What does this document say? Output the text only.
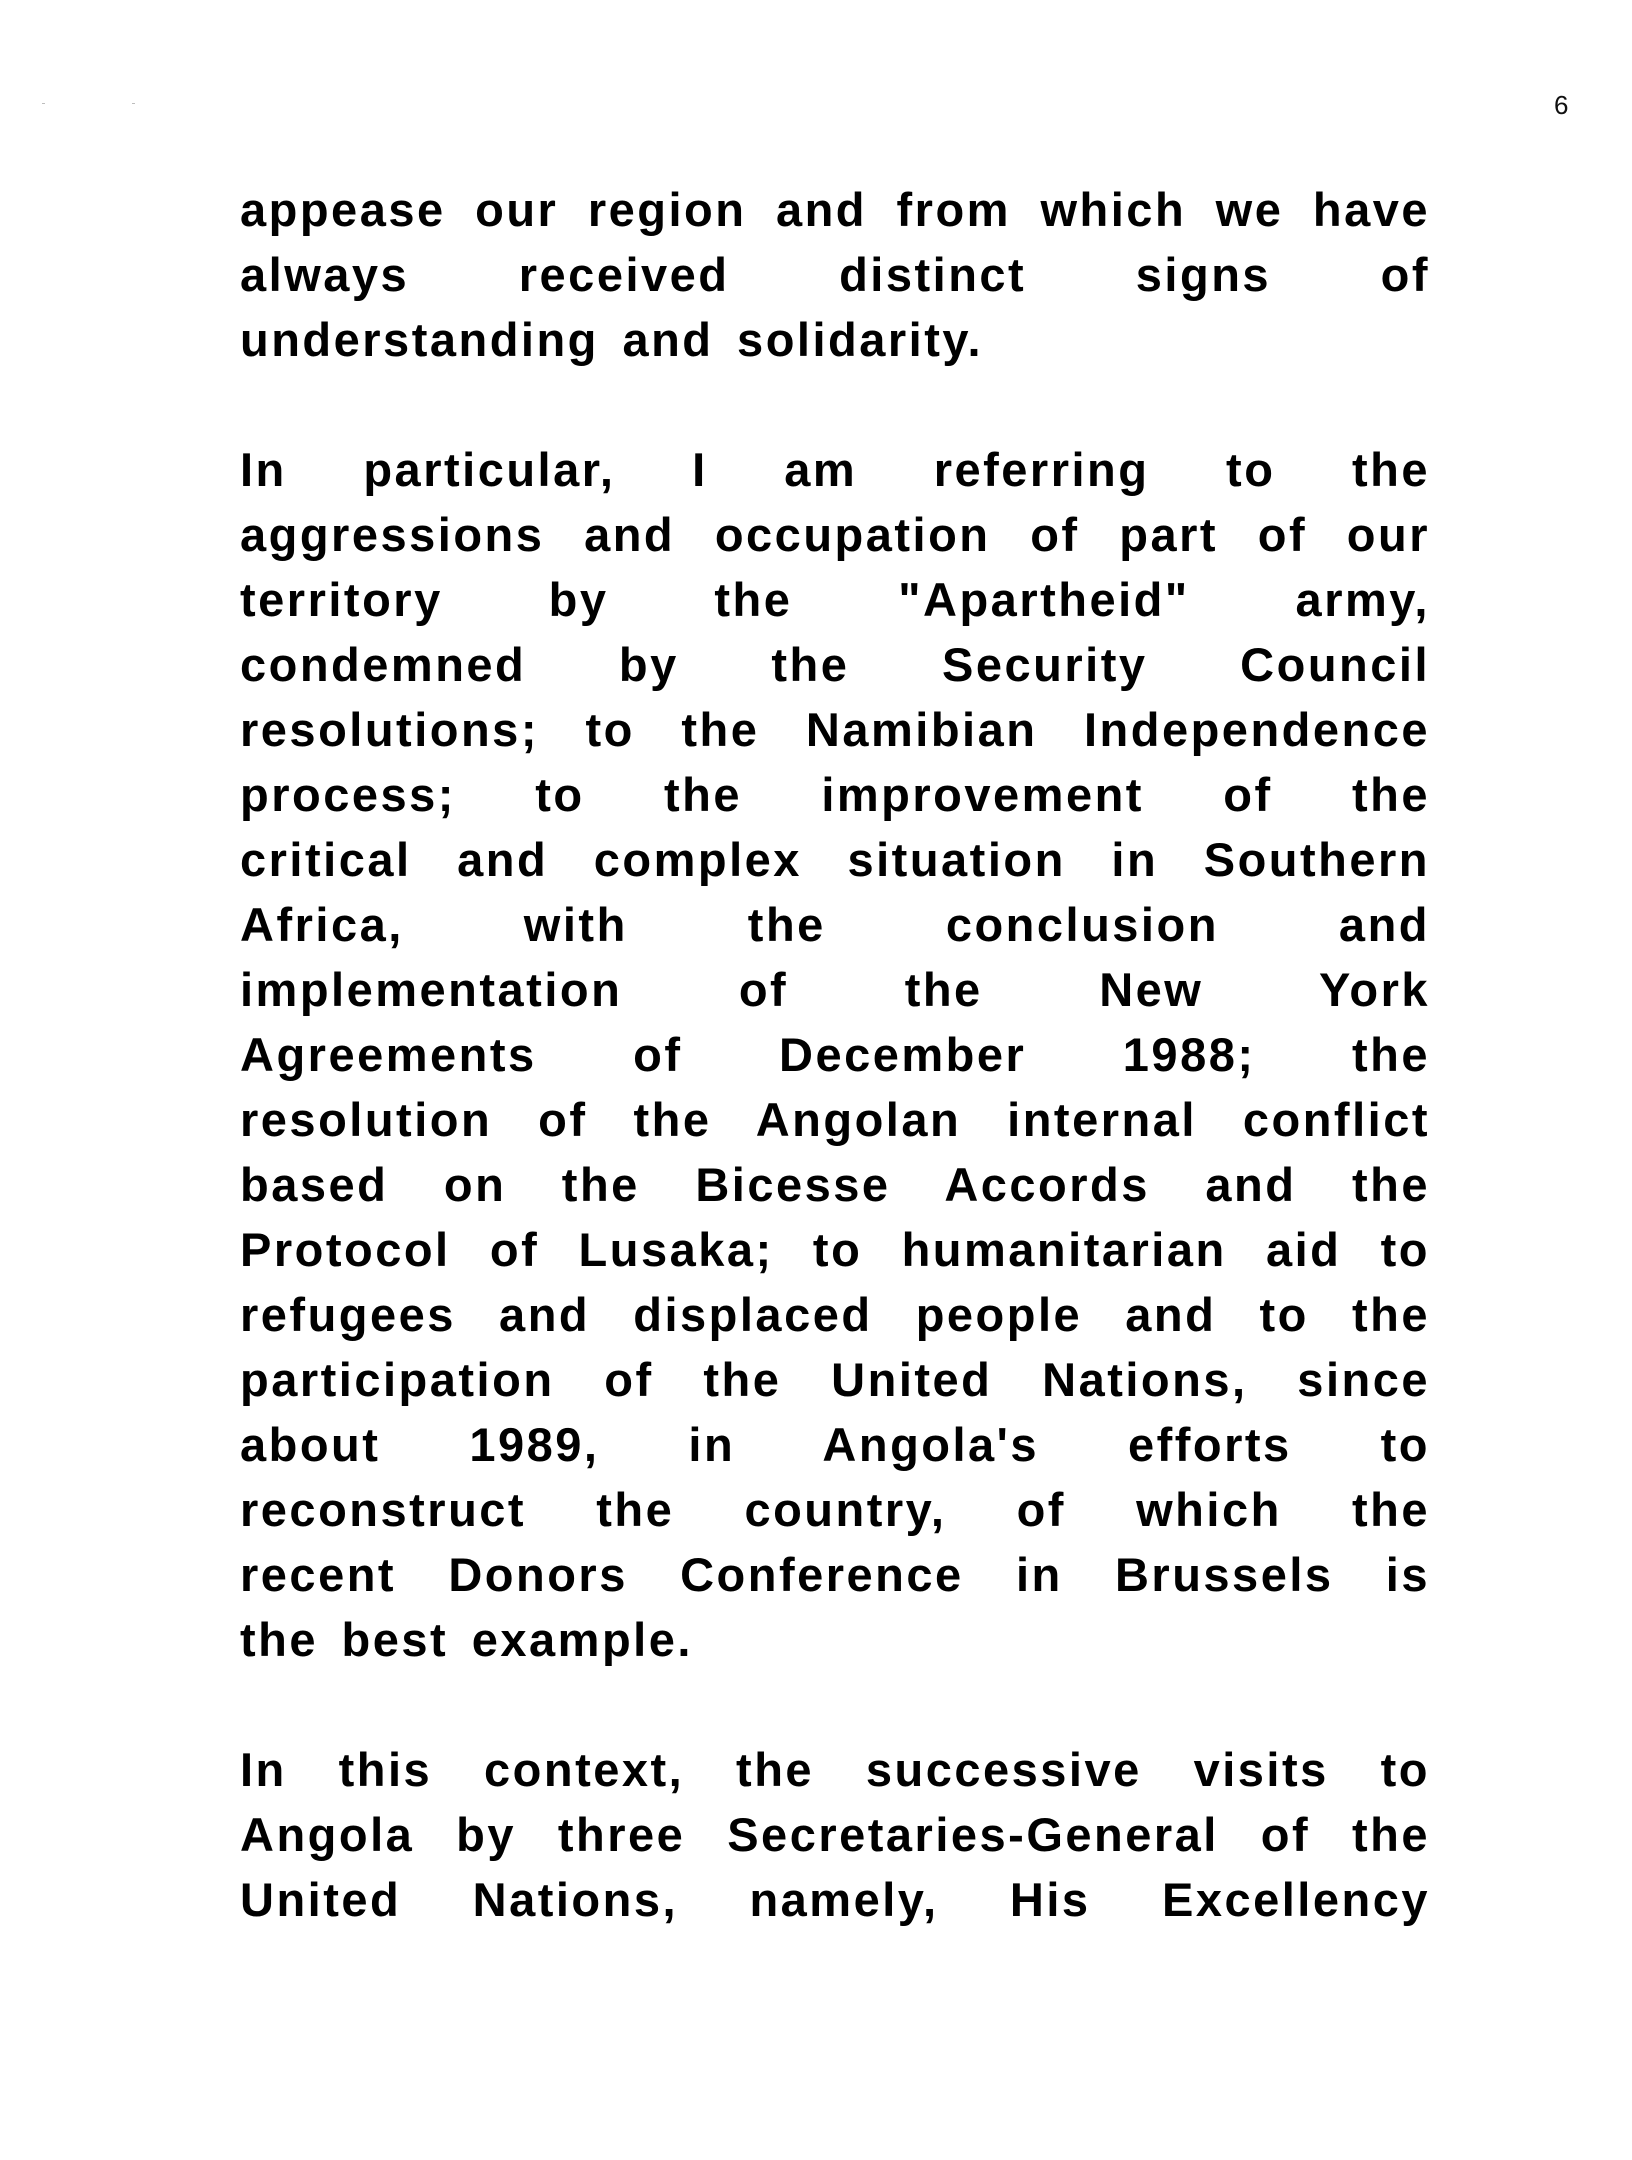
6
appease our region and from which we have
always received distinct signs of
understanding and solidarity.
In particular, I am referring to the
aggressions and occupation of part of our
territory by the "Apartheid" army,
condemned by the Security Council
resolutions; to the Namibian Independence
process; to the improvement of the
critical and complex situation in Southern
Africa, with the conclusion and
implementation of the New York
Agreements of December 1988; the
resolution of the Angolan internal conflict
based on the Bicesse Accords and the
Protocol of Lusaka; to humanitarian aid to
refugees and displaced people and to the
participation of the United Nations, since
about 1989, in Angola's efforts to
reconstruct the country, of which the
recent Donors Conference in Brussels is
the best example.
In this context, the successive visits to
Angola by three Secretaries-General of the
United Nations, namely, His Excellency
